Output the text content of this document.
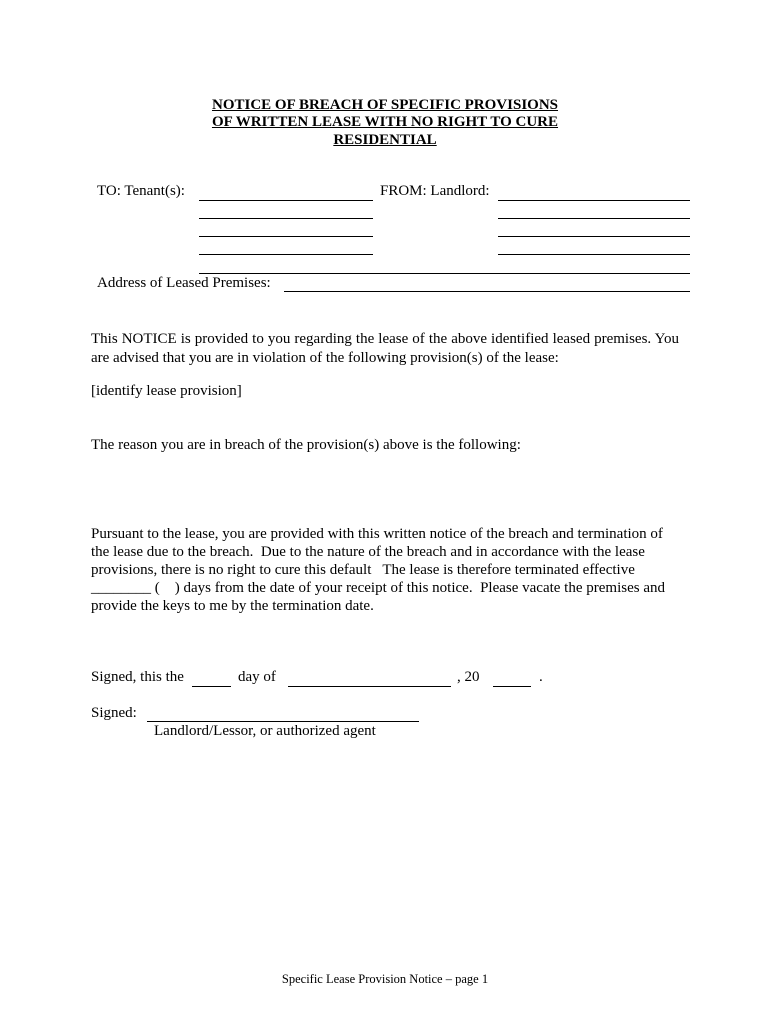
NOTICE OF BREACH OF SPECIFIC PROVISIONS
OF WRITTEN LEASE WITH NO RIGHT TO CURE
RESIDENTIAL
TO: Tenant(s):	FROM: Landlord:
Address of Leased Premises:
This NOTICE is provided to you regarding the lease of the above identified leased premises. You are advised that you are in violation of the following provision(s) of the lease:
[identify lease provision]
The reason you are in breach of the provision(s) above is the following:
Pursuant to the lease, you are provided with this written notice of the breach and termination of
the lease due to the breach.  Due to the nature of the breach and in accordance with the lease
provisions, there is no right to cure this default   The lease is therefore terminated effective
________ (    ) days from the date of your receipt of this notice.  Please vacate the premises and
provide the keys to me by the termination date.
Signed, this the	day of	, 20	.
Signed:
Landlord/Lessor, or authorized agent
Specific Lease Provision Notice – page 1
